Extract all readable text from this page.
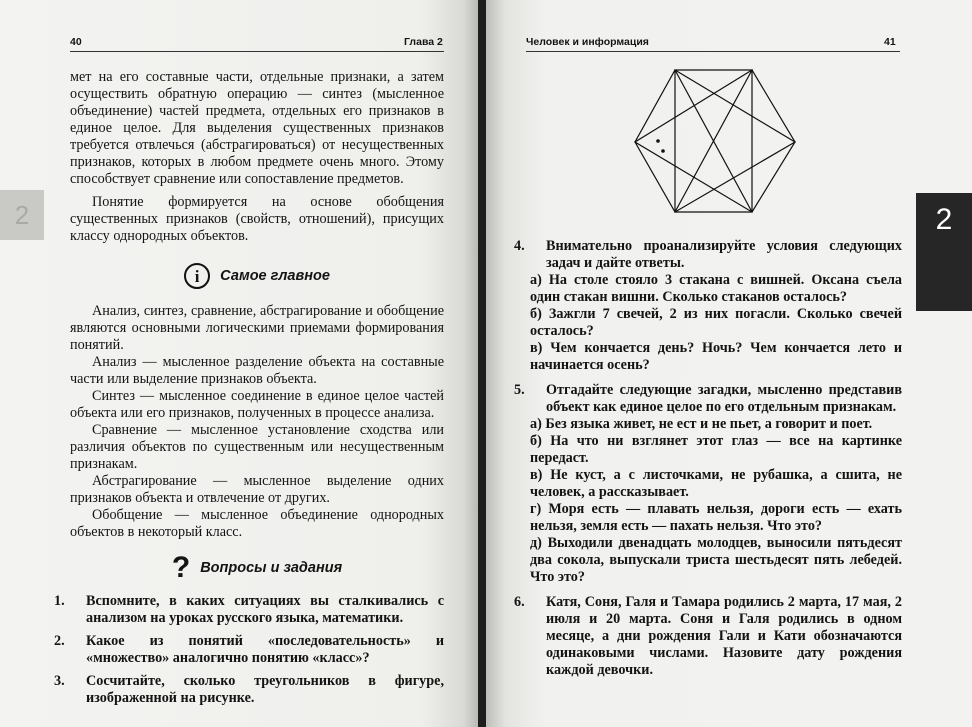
2
40	Глава 2

мет на его составные части, отдельные признаки, а затем осуществить обратную операцию — синтез (мысленное объединение) частей предмета, отдельных его признаков в единое целое. Для выделения существенных признаков требуется отвлечься (абстрагироваться) от несущественных признаков, которых в любом предмете очень много. Этому способствует сравнение или сопоставление предметов.

Понятие формируется на основе обобщения существенных признаков (свойств, отношений), присущих классу однородных объектов.

i	Самое главное

Анализ, синтез, сравнение, абстрагирование и обобщение являются основными логическими приемами формирования понятий.

Анализ — мысленное разделение объекта на составные части или выделение признаков объекта.

Синтез — мысленное соединение в единое целое частей объекта или его признаков, полученных в процессе анализа.

Сравнение — мысленное установление сходства или различия объектов по существенным или несущественным признакам.

Абстрагирование — мысленное выделение одних признаков объекта и отвлечение от других.

Обобщение — мысленное объединение однородных объектов в некоторый класс.

? Вопросы и задания

1. Вспомните, в каких ситуациях вы сталкивались с анализом на уроках русского языка, математики.

2. Какое из понятий «последовательность» и «множество» аналогично понятию «класс»?

3. Сосчитайте, сколько треугольников в фигуре, изображенной на рисунке.

Человек и информация	41

4. Внимательно проанализируйте условия следующих задач и дайте ответы.

а) На столе стояло 3 стакана с вишней. Оксана съела один стакан вишни. Сколько стаканов осталось?

б) Зажгли 7 свечей, 2 из них погасли. Сколько свечей осталось?

в) Чем кончается день? Ночь? Чем кончается лето и начинается осень?

5. Отгадайте следующие загадки, мысленно представив объект как единое целое по его отдельным признакам.

а) Без языка живет, не ест и не пьет, а говорит и поет.

б) На что ни взглянет этот глаз — все на картинке передаст.

в) Не куст, а с листочками, не рубашка, а сшита, не человек, а рассказывает.

г) Моря есть — плавать нельзя, дороги есть — ехать нельзя, земля есть — пахать нельзя. Что это?

д) Выходили двенадцать молодцев, выносили пятьдесят два сокола, выпускали триста шестьдесят пять лебедей. Что это?

6. Катя, Соня, Галя и Тамара родились 2 марта, 17 мая, 2 июля и 20 марта. Соня и Галя родились в одном месяце, а дни рождения Гали и Кати обозначаются одинаковыми числами. Назовите дату рождения каждой девочки.

2
